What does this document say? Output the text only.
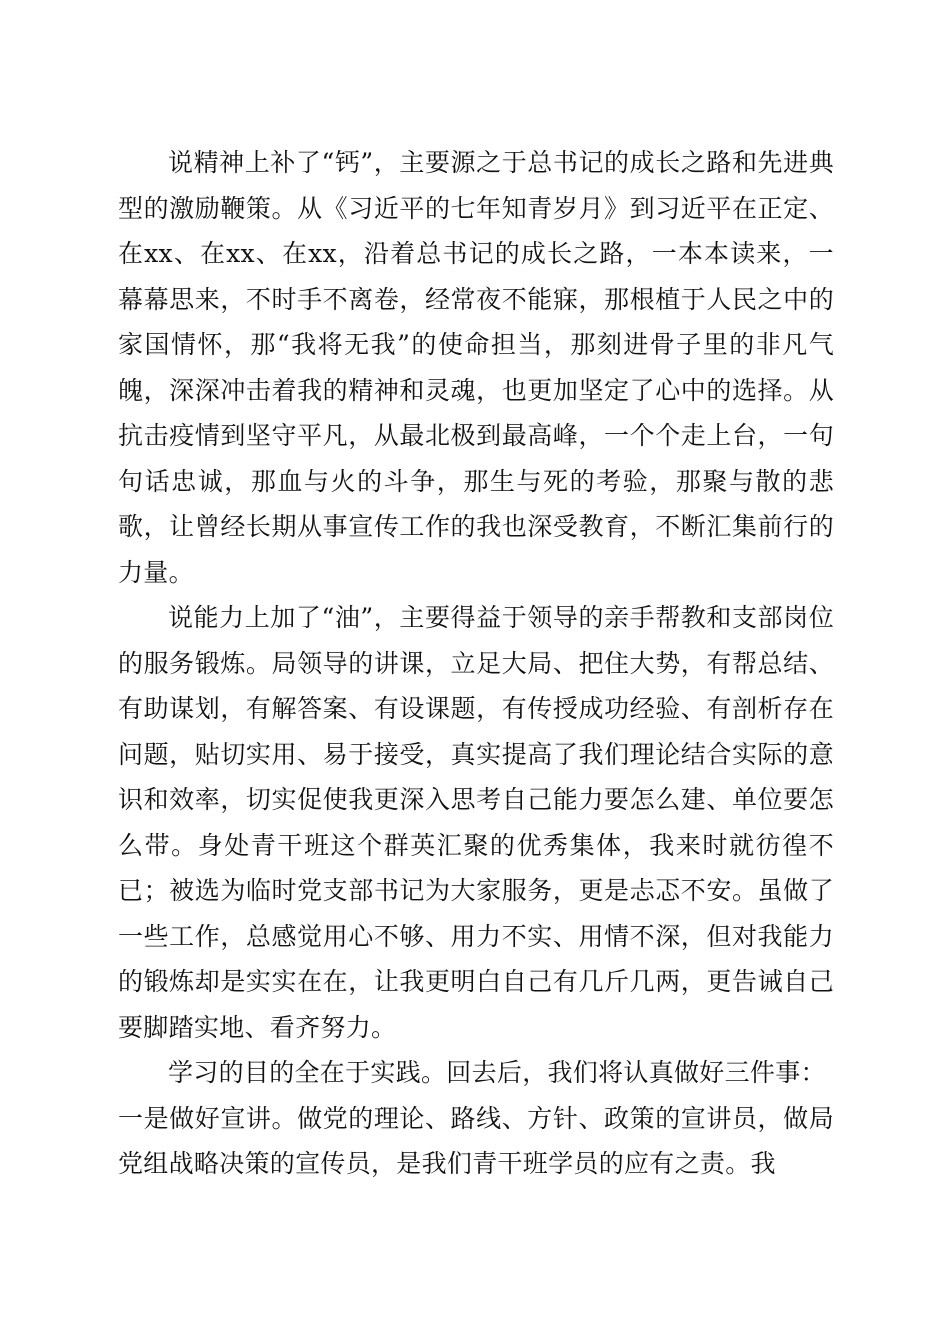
说精神上补了“钙”，主要源之于总书记的成长之路和先进典型的激励鞭策。从《习近平的七年知青岁月》到习近平在正定、在xx、在xx、在xx，沿着总书记的成长之路，一本本读来，一幕幕思来，不时手不离卷，经常夜不能寐，那根植于人民之中的家国情怀，那“我将无我”的使命担当，那刻进骨子里的非凡气魄，深深冲击着我的精神和灵魂，也更加坚定了心中的选择。从抗击疫情到坚守平凡，从最北极到最高峰，一个个走上台，一句句话忠诚，那血与火的斗争，那生与死的考验，那聚与散的悲歌，让曾经长期从事宣传工作的我也深受教育，不断汇集前行的力量。

说能力上加了“油”，主要得益于领导的亲手帮教和支部岗位的服务锻炼。局领导的讲课，立足大局、把住大势，有帮总结、有助谋划，有解答案、有设课题，有传授成功经验、有剖析存在问题，贴切实用、易于接受，真实提高了我们理论结合实际的意识和效率，切实促使我更深入思考自己能力要怎么建、单位要怎么带。身处青干班这个群英汇聚的优秀集体，我来时就彷徨不已；被选为临时党支部书记为大家服务，更是忐忑不安。虽做了一些工作，总感觉用心不够、用力不实、用情不深，但对我能力的锻炼却是实实在在，让我更明白自己有几斤几两，更告诫自己要脚踏实地、看齐努力。

学习的目的全在于实践。回去后，我们将认真做好三件事：

一是做好宣讲。做党的理论、路线、方针、政策的宣讲员，做局党组战略决策的宣传员，是我们青干班学员的应有之责。我
